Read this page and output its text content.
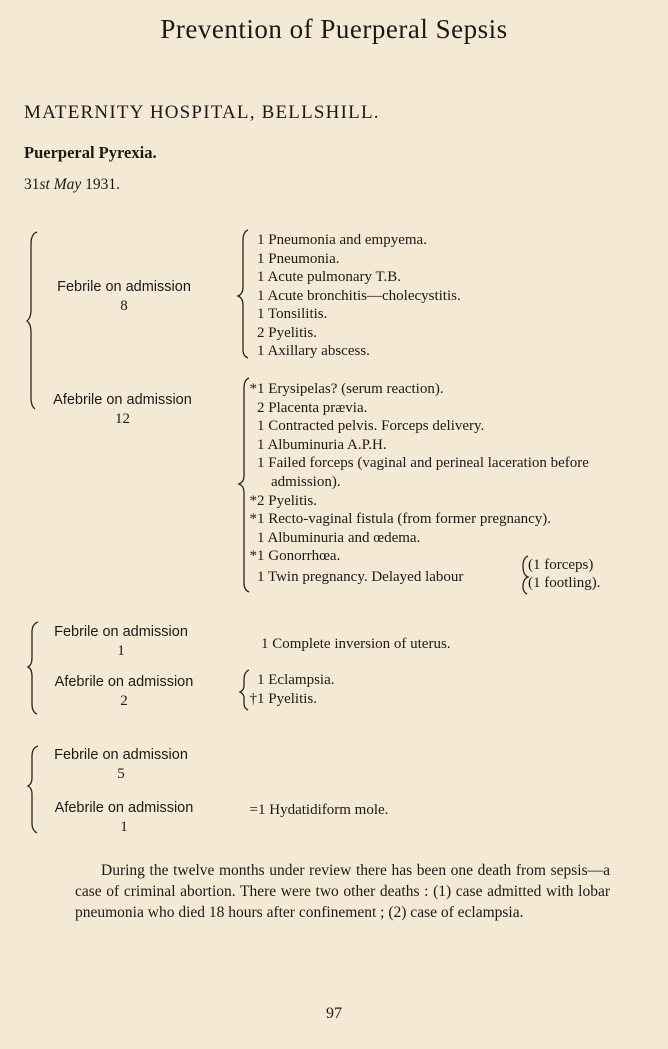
Prevention of Puerperal Sepsis
MATERNITY HOSPITAL, BELLSHILL.
Puerperal Pyrexia.
31st May 1931.
Febrile on admission
8
Afebrile on admission
12
1 Pneumonia and empyema.
1 Pneumonia.
1 Acute pulmonary T.B.
1 Acute bronchitis—cholecystitis.
1 Tonsilitis.
2 Pyelitis.
1 Axillary abscess.
*1 Erysipelas? (serum reaction).
2 Placenta prævia.
1 Contracted pelvis. Forceps delivery.
1 Albuminuria A.P.H.
1 Failed forceps (vaginal and perineal laceration before
admission).
*2 Pyelitis.
*1 Recto-vaginal fistula (from former pregnancy).
1 Albuminuria and œdema.
*1 Gonorrhœa.
1 Twin pregnancy. Delayed labour
(1 forceps)
(1 footling).
Febrile on admission
1
Afebrile on admission
2
1 Complete inversion of uterus.
1 Eclampsia.
†1 Pyelitis.
Febrile on admission
5
Afebrile on admission
1
=1 Hydatidiform mole.
During the twelve months under review there has been one death from sepsis—a case of criminal abortion. There were two other deaths : (1) case admitted with lobar pneumonia who died 18 hours after confinement ; (2) case of eclampsia.
97
